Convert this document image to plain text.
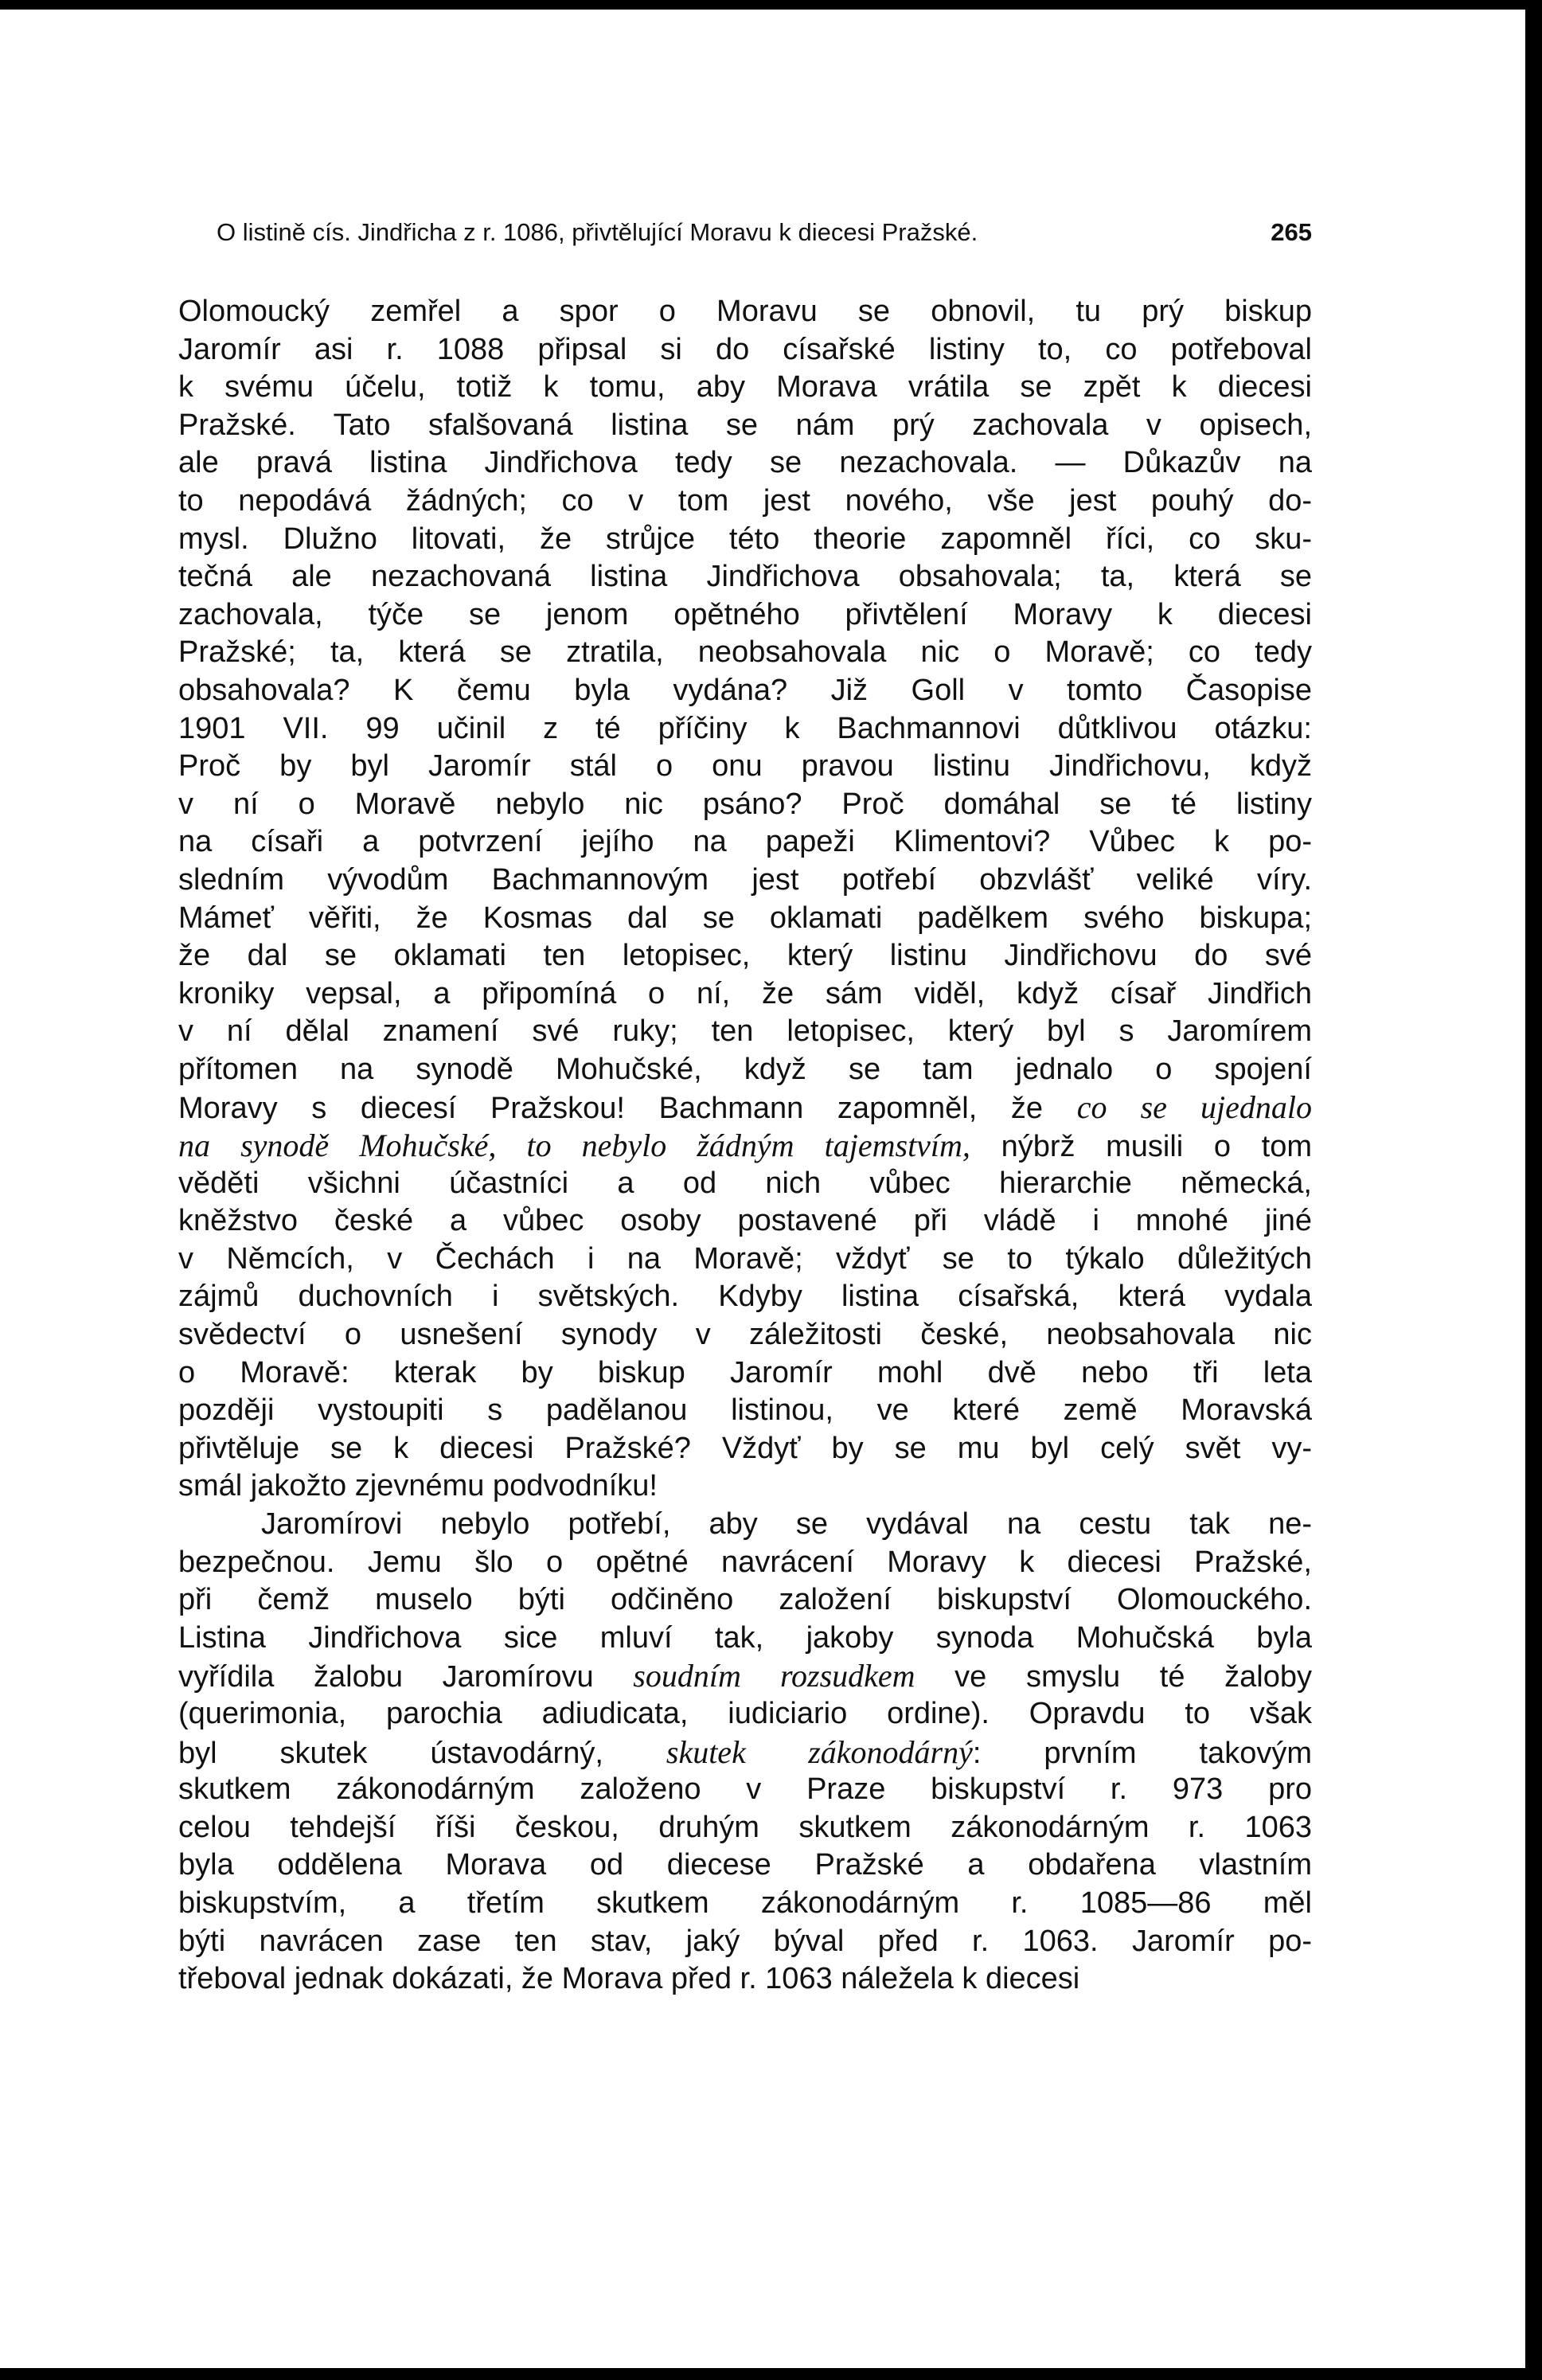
O listině cís. Jindřicha z r. 1086, přivtělující Moravu k diecesi Pražské.	265
Olomoucký zemřel a spor o Moravu se obnovil, tu prý biskup
Jaromír asi r. 1088 připsal si do císařské listiny to, co potřeboval
k svému účelu, totiž k tomu, aby Morava vrátila se zpět k diecesi
Pražské. Tato sfalšovaná listina se nám prý zachovala v opisech,
ale pravá listina Jindřichova tedy se nezachovala. — Důkazův na
to nepodává žádných; co v tom jest nového, vše jest pouhý do-
mysl. Dlužno litovati, že strůjce této theorie zapomněl říci, co sku-
tečná ale nezachovaná listina Jindřichova obsahovala; ta, která se
zachovala, týče se jenom opětného přivtělení Moravy k diecesi
Pražské; ta, která se ztratila, neobsahovala nic o Moravě; co tedy
obsahovala? K čemu byla vydána? Již Goll v tomto Časopise
1901 VII. 99 učinil z té příčiny k Bachmannovi důtklivou otázku:
Proč by byl Jaromír stál o onu pravou listinu Jindřichovu, když
v ní o Moravě nebylo nic psáno? Proč domáhal se té listiny
na císaři a potvrzení jejího na papeži Klimentovi? Vůbec k po-
sledním vývodům Bachmannovým jest potřebí obzvlášť veliké víry.
Mámeť věřiti, že Kosmas dal se oklamati padělkem svého biskupa;
že dal se oklamati ten letopisec, který listinu Jindřichovu do své
kroniky vepsal, a připomíná o ní, že sám viděl, když císař Jindřich
v ní dělal znamení své ruky; ten letopisec, který byl s Jaromírem
přítomen na synodě Mohučské, když se tam jednalo o spojení
Moravy s diecesí Pražskou! Bachmann zapomněl, že co se ujednalo
na synodě Mohučské, to nebylo žádným tajemstvím, nýbrž musili o tom
věděti všichni účastníci a od nich vůbec hierarchie německá,
kněžstvo české a vůbec osoby postavené při vládě i mnohé jiné
v Němcích, v Čechách i na Moravě; vždyť se to týkalo důležitých
zájmů duchovních i světských. Kdyby listina císařská, která vydala
svědectví o usnešení synody v záležitosti české, neobsahovala nic
o Moravě: kterak by biskup Jaromír mohl dvě nebo tři leta
později vystoupiti s padělanou listinou, ve které země Moravská
přivtěluje se k diecesi Pražské? Vždyť by se mu byl celý svět vy-
smál jakožto zjevnému podvodníku!
Jaromírovi nebylo potřebí, aby se vydával na cestu tak ne-
bezpečnou. Jemu šlo o opětné navrácení Moravy k diecesi Pražské,
při čemž muselo býti odčiněno založení biskupství Olomouckého.
Listina Jindřichova sice mluví tak, jakoby synoda Mohučská byla
vyřídila žalobu Jaromírovu soudním rozsudkem ve smyslu té žaloby
(querimonia, parochia adiudicata, iudiciario ordine). Opravdu to však
byl skutek ústavodárný, skutek zákonodárný: prvním takovým
skutkem zákonodárným založeno v Praze biskupství r. 973 pro
celou tehdejší říši českou, druhým skutkem zákonodárným r. 1063
byla oddělena Morava od diecese Pražské a obdařena vlastním
biskupstvím, a třetím skutkem zákonodárným r. 1085—86 měl
býti navrácen zase ten stav, jaký býval před r. 1063. Jaromír po-
třeboval jednak dokázati, že Morava před r. 1063 náležela k diecesi
